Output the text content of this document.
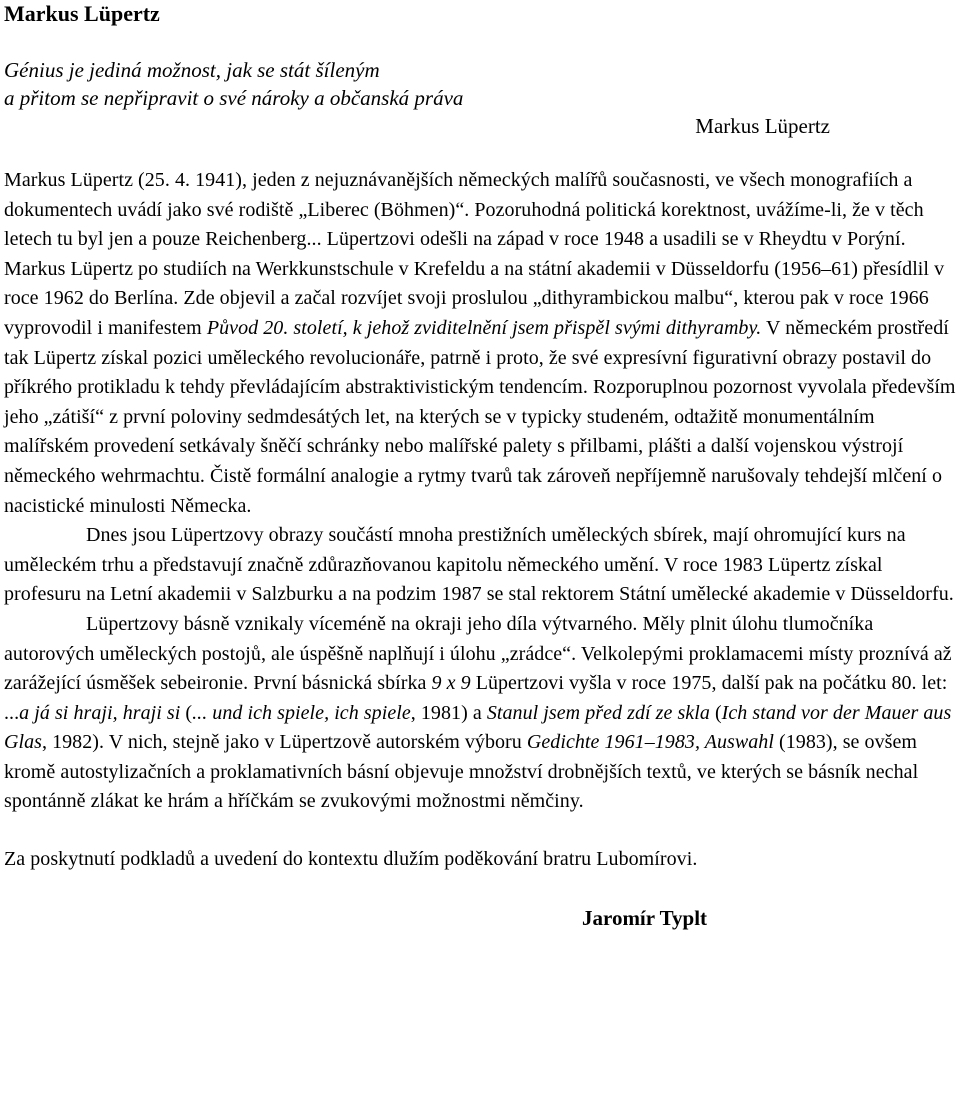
Markus Lüpertz
Génius je jediná možnost, jak se stát šíleným
a přitom se nepřipravit o své nároky a občanská práva
Markus Lüpertz

Markus Lüpertz (25. 4. 1941), jeden z nejuznávanějších německých malířů současnosti, ve všech monografiích a dokumentech uvádí jako své rodiště „Liberec (Böhmen)“. Pozoruhodná politická korektnost, uvážíme-li, že v těch letech tu byl jen a pouze Reichenberg... Lüpertzovi odešli na západ v roce 1948 a usadili se v Rheydtu v Porýní. Markus Lüpertz po studiích na Werkkunstschule v Krefeldu a na státní akademii v Düsseldorfu (1956–61) přesídlil v roce 1962 do Berlína. Zde objevil a začal rozvíjet svoji proslulou „dithyrambickou malbu“, kterou pak v roce 1966 vyprovodil i manifestem Původ 20. století, k jehož zviditelnění jsem přispěl svými dithyramby. V německém prostředí tak Lüpertz získal pozici uměleckého revolucionáře, patrně i proto, že své expresívní figurativní obrazy postavil do příkrého protikladu k tehdy převládajícím abstraktivistickým tendencím. Rozporuplnou pozornost vyvolala především jeho „zátiší“ z první poloviny sedmdesátých let, na kterých se v typicky studeném, odtažitě monumentálním malířském provedení setkávaly šněčí schránky nebo malířské palety s přilbami, plášti a další vojenskou výstrojí německého wehrmachtu. Čistě formální analogie a rytmy tvarů tak zároveň nepříjemně narušovaly tehdejší mlčení o nacistické minulosti Německa.

Dnes jsou Lüpertzovy obrazy součástí mnoha prestižních uměleckých sbírek, mají ohromující kurs na uměleckém trhu a představují značně zdůrazňovanou kapitolu německého umění. V roce 1983 Lüpertz získal profesuru na Letní akademii v Salzburku a na podzim 1987 se stal rektorem Státní umělecké akademie v Düsseldorfu.

Lüpertzovy básně vznikaly víceméně na okraji jeho díla výtvarného. Měly plnit úlohu tlumočníka autorových uměleckých postojů, ale úspěšně naplňují i úlohu „zrádce“. Velkolepými proklamacemi místy proznívá až zarážející úsměšek sebeironie. První básnická sbírka 9 x 9 Lüpertzovi vyšla v roce 1975, další pak na počátku 80. let: ...a já si hraji, hraji si (... und ich spiele, ich spiele, 1981) a Stanul jsem před zdí ze skla (Ich stand vor der Mauer aus Glas, 1982). V nich, stejně jako v Lüpertzově autorském výboru Gedichte 1961–1983, Auswahl (1983), se ovšem kromě autostylizačních a proklamativních básní objevuje množství drobnějších textů, ve kterých se básník nechal spontánně zlákat ke hrám a hříčkám se zvukovými možnostmi němčiny.

Za poskytnutí podkladů a uvedení do kontextu dlužím poděkování bratru Lubomírovi.

Jaromír Typlt
